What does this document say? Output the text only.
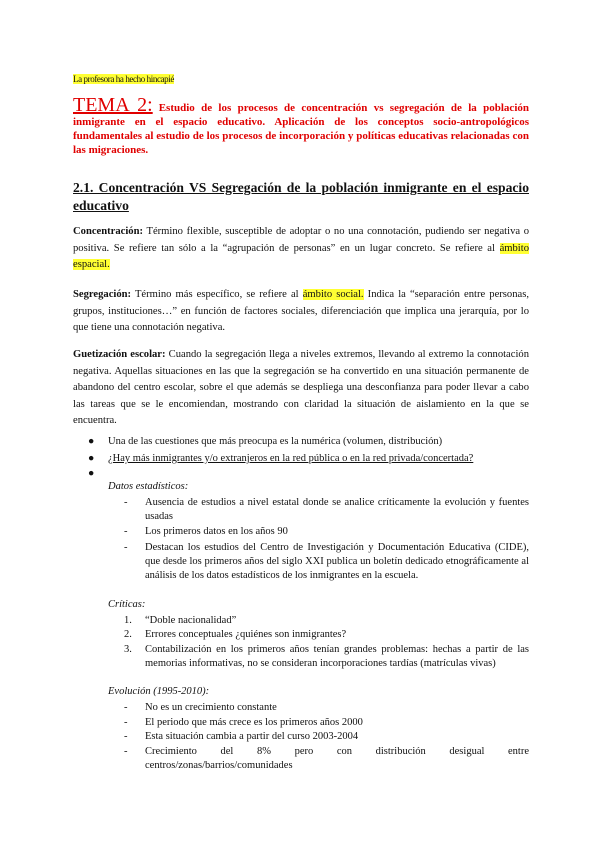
La profesora ha hecho hincapié
TEMA 2: Estudio de los procesos de concentración vs segregación de la población inmigrante en el espacio educativo. Aplicación de los conceptos socio-antropológicos fundamentales al estudio de los procesos de incorporación y políticas educativas relacionadas con las migraciones.
2.1. Concentración VS Segregación de la población inmigrante en el espacio educativo
Concentración: Término flexible, susceptible de adoptar o no una connotación, pudiendo ser negativa o positiva. Se refiere tan sólo a la “agrupación de personas” en un lugar concreto. Se refiere al ámbito espacial.
Segregación: Término más específico, se refiere al ámbito social. Indica la “separación entre personas, grupos, instituciones…” en función de factores sociales, diferenciación que implica una jerarquía, por lo que tiene una connotación negativa.
Guetización escolar: Cuando la segregación llega a niveles extremos, llevando al extremo la connotación negativa. Aquellas situaciones en las que la segregación se ha convertido en una situación permanente de abandono del centro escolar, sobre el que además se despliega una desconfianza para poder llevar a cabo las tareas que se le encomiendan, mostrando con claridad la situación de aislamiento en la que se encuentra.
● Una de las cuestiones que más preocupa es la numérica (volumen, distribución)
● ¿Hay más inmigrantes y/o extranjeros en la red pública o en la red privada/concertada?
●
Datos estadísticos:
- Ausencia de estudios a nivel estatal donde se analice críticamente la evolución y fuentes usadas
- Los primeros datos en los años 90
- Destacan los estudios del Centro de Investigación y Documentación Educativa (CIDE), que desde los primeros años del siglo XXI publica un boletín dedicado etnográficamente al análisis de los datos estadísticos de los inmigrantes en la escuela.
Críticas:
1. “Doble nacionalidad”
2. Errores conceptuales ¿quiénes son inmigrantes?
3. Contabilización en los primeros años tenían grandes problemas: hechas a partir de las memorias informativas, no se consideran incorporaciones tardías (matrículas vivas)
Evolución (1995-2010):
- No es un crecimiento constante
- El periodo que más crece es los primeros años 2000
- Esta situación cambia a partir del curso 2003-2004
- Crecimiento del 8% pero con distribución desigual entre centros/zonas/barrios/comunidades
